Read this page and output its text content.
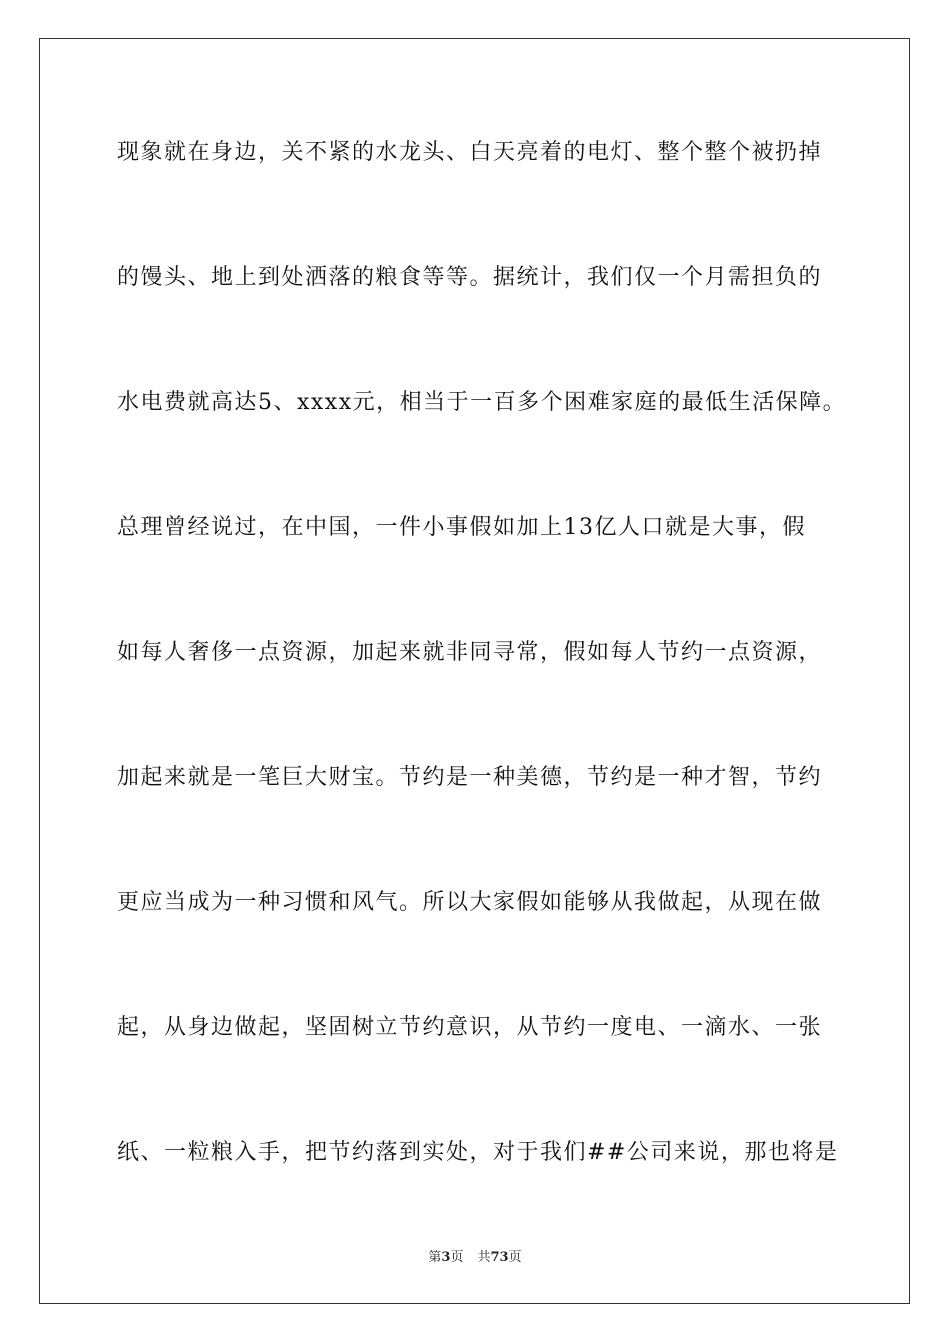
现象就在身边，关不紧的水龙头、白天亮着的电灯、整个整个被扔掉
的馒头、地上到处洒落的粮食等等。据统计，我们仅一个月需担负的
水电费就高达5、xxxx元，相当于一百多个困难家庭的最低生活保障。
总理曾经说过，在中国，一件小事假如加上13亿人口就是大事，假
如每人奢侈一点资源，加起来就非同寻常，假如每人节约一点资源，
加起来就是一笔巨大财宝。节约是一种美德，节约是一种才智，节约
更应当成为一种习惯和风气。所以大家假如能够从我做起，从现在做
起，从身边做起，坚固树立节约意识，从节约一度电、一滴水、一张
纸、一粒粮入手，把节约落到实处，对于我们##公司来说，那也将是
第3页 共73页
